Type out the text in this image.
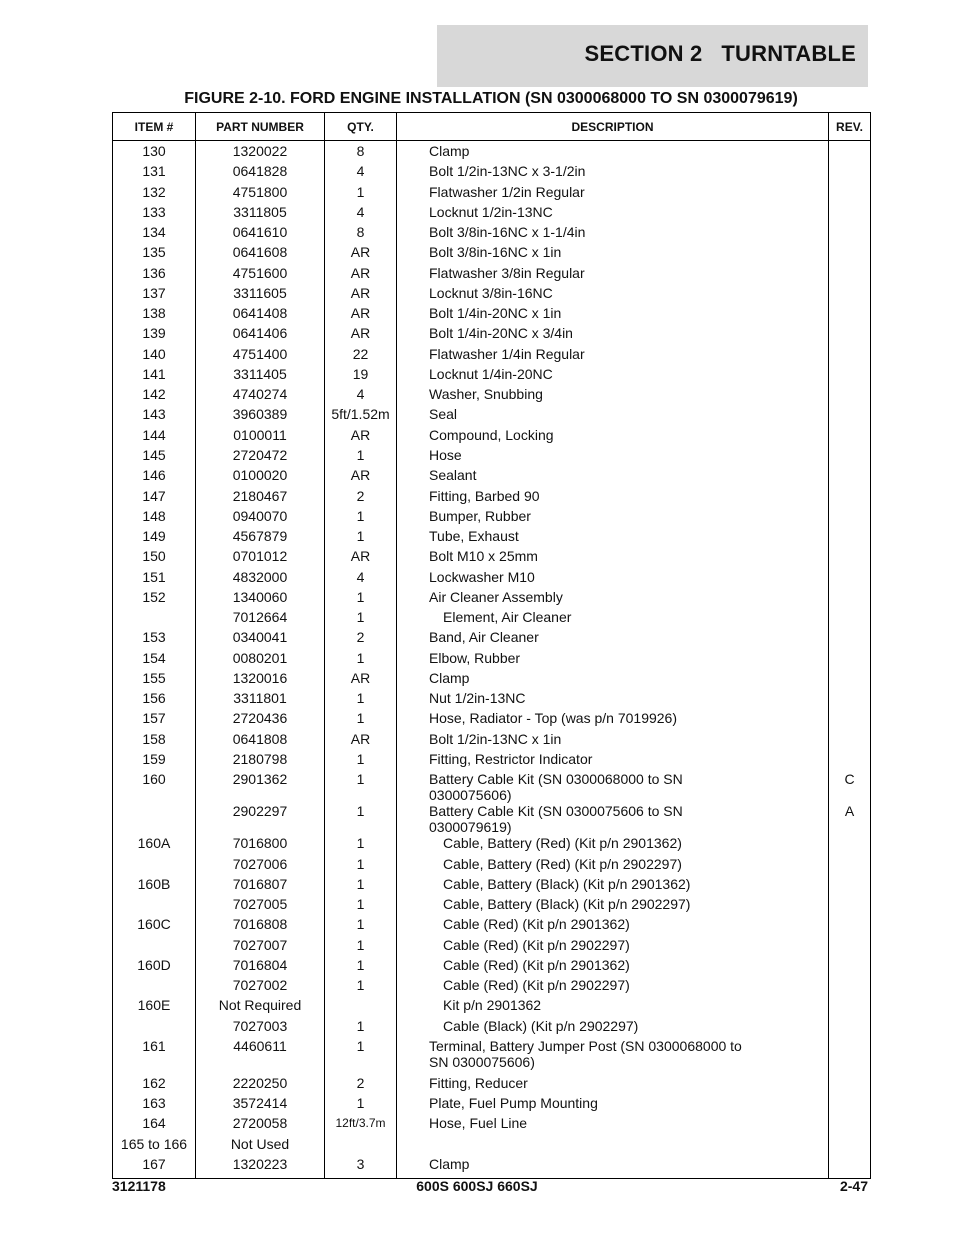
SECTION 2   TURNTABLE
FIGURE 2-10. FORD ENGINE INSTALLATION (SN 0300068000 TO SN 0300079619)
ITEM #	PART NUMBER	QTY.	DESCRIPTION	REV.
130	1320022	8	Clamp	

131	0641828	4	Bolt 1/2in-13NC x 3-1/2in	

132	4751800	1	Flatwasher 1/2in Regular	

133	3311805	4	Locknut 1/2in-13NC	

134	0641610	8	Bolt 3/8in-16NC x 1-1/4in	

135	0641608	AR	Bolt 3/8in-16NC x 1in	

136	4751600	AR	Flatwasher 3/8in Regular	

137	3311605	AR	Locknut 3/8in-16NC	

138	0641408	AR	Bolt 1/4in-20NC x 1in	

139	0641406	AR	Bolt 1/4in-20NC x 3/4in	

140	4751400	22	Flatwasher 1/4in Regular	

141	3311405	19	Locknut 1/4in-20NC	

142	4740274	4	Washer, Snubbing	

143	3960389	5ft/1.52m	Seal	

144	0100011	AR	Compound, Locking	

145	2720472	1	Hose	

146	0100020	AR	Sealant	

147	2180467	2	Fitting, Barbed 90	

148	0940070	1	Bumper, Rubber	

149	4567879	1	Tube, Exhaust	

150	0701012	AR	Bolt M10 x 25mm	

151	4832000	4	Lockwasher M10	

152	1340060	1	Air Cleaner Assembly	

	7012664	1	Element, Air Cleaner	

153	0340041	2	Band, Air Cleaner	

154	0080201	1	Elbow, Rubber	

155	1320016	AR	Clamp	

156	3311801	1	Nut 1/2in-13NC	

157	2720436	1	Hose, Radiator - Top (was p/n 7019926)	

158	0641808	AR	Bolt 1/2in-13NC x 1in	

159	2180798	1	Fitting, Restrictor Indicator	

160	2901362	1	Battery Cable Kit (SN 0300068000 to SN 0300075606)	C
	2902297	1	Battery Cable Kit (SN 0300075606 to SN 0300079619)	A
160A	7016800	1	Cable, Battery (Red) (Kit p/n 2901362)	

	7027006	1	Cable, Battery (Red) (Kit p/n 2902297)	

160B	7016807	1	Cable, Battery (Black) (Kit p/n 2901362)	

	7027005	1	Cable, Battery (Black) (Kit p/n 2902297)	

160C	7016808	1	Cable (Red) (Kit p/n 2901362)	

	7027007	1	Cable (Red) (Kit p/n 2902297)	

160D	7016804	1	Cable (Red) (Kit p/n 2901362)	

	7027002	1	Cable (Red) (Kit p/n 2902297)	

160E	Not Required		Kit p/n 2901362	

	7027003	1	Cable (Black) (Kit p/n 2902297)	

161	4460611	1	Terminal, Battery Jumper Post (SN 0300068000 to SN 0300075606)	

162	2220250	2	Fitting, Reducer	

163	3572414	1	Plate, Fuel Pump Mounting	

164	2720058	12ft/3.7m	Hose, Fuel Line	

165 to 166	Not Used		

167	1320223	3	Clamp	

3121178	600S 600SJ 660SJ	2-47
